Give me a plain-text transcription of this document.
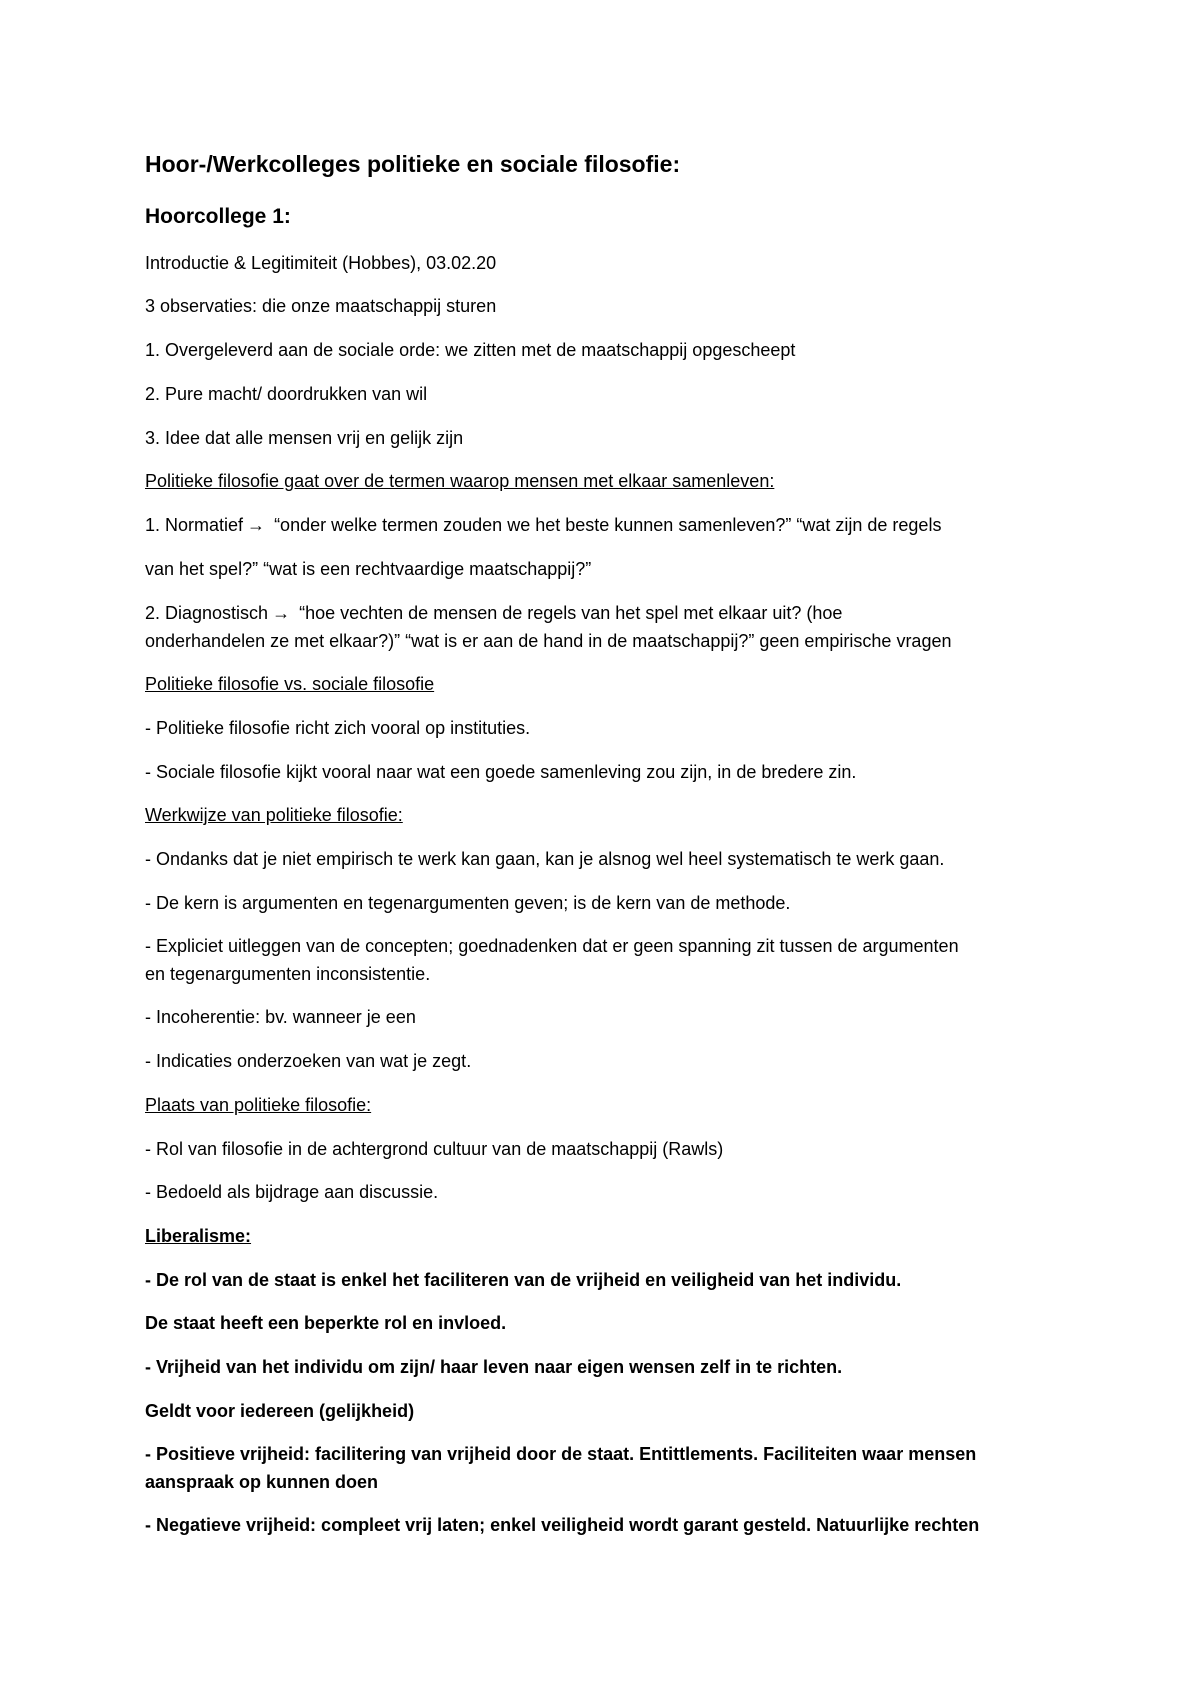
Hoor-/Werkcolleges politieke en sociale filosofie:
Hoorcollege 1:
Introductie & Legitimiteit (Hobbes), 03.02.20
3 observaties: die onze maatschappij sturen
1. Overgeleverd aan de sociale orde: we zitten met de maatschappij opgescheept
2. Pure macht/ doordrukken van wil
3. Idee dat alle mensen vrij en gelijk zijn
Politieke filosofie gaat over de termen waarop mensen met elkaar samenleven:
1. Normatief → “onder welke termen zouden we het beste kunnen samenleven?” “wat zijn de regels
van het spel?” “wat is een rechtvaardige maatschappij?”
2. Diagnostisch → “hoe vechten de mensen de regels van het spel met elkaar uit? (hoe
onderhandelen ze met elkaar?)” “wat is er aan de hand in de maatschappij?” geen empirische vragen
Politieke filosofie vs. sociale filosofie
- Politieke filosofie richt zich vooral op instituties.
- Sociale filosofie kijkt vooral naar wat een goede samenleving zou zijn, in de bredere zin.
Werkwijze van politieke filosofie:
- Ondanks dat je niet empirisch te werk kan gaan, kan je alsnog wel heel systematisch te werk gaan.
- De kern is argumenten en tegenargumenten geven; is de kern van de methode.
- Expliciet uitleggen van de concepten; goednadenken dat er geen spanning zit tussen de argumenten
en tegenargumenten inconsistentie.
- Incoherentie: bv. wanneer je een
- Indicaties onderzoeken van wat je zegt.
Plaats van politieke filosofie:
- Rol van filosofie in de achtergrond cultuur van de maatschappij (Rawls)
- Bedoeld als bijdrage aan discussie.
Liberalisme:
- De rol van de staat is enkel het faciliteren van de vrijheid en veiligheid van het individu.
De staat heeft een beperkte rol en invloed.
- Vrijheid van het individu om zijn/ haar leven naar eigen wensen zelf in te richten.
Geldt voor iedereen (gelijkheid)
- Positieve vrijheid: facilitering van vrijheid door de staat. Entittlements. Faciliteiten waar mensen
aanspraak op kunnen doen
- Negatieve vrijheid: compleet vrij laten; enkel veiligheid wordt garant gesteld. Natuurlijke rechten
